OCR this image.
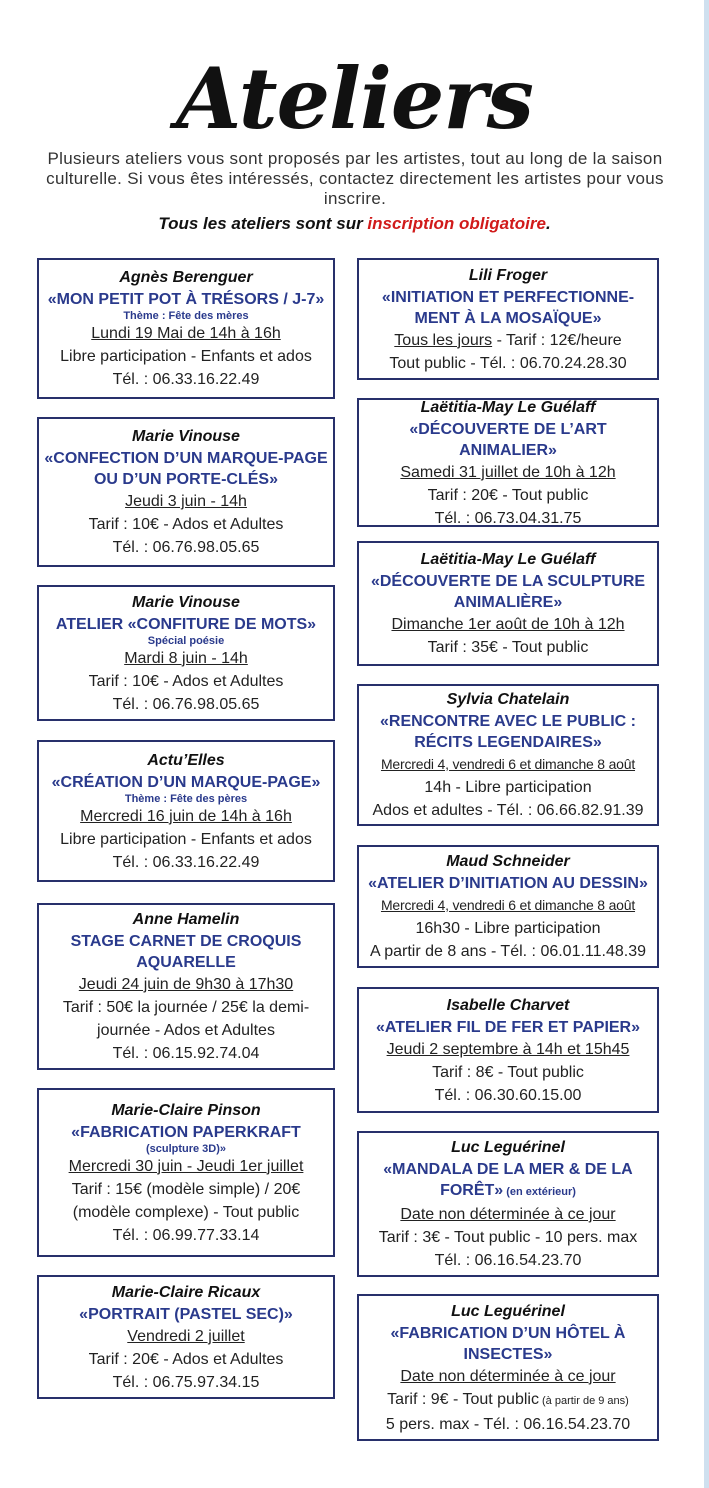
Ateliers
Plusieurs ateliers vous sont proposés par les artistes, tout au long de la saison culturelle. Si vous êtes intéressés, contactez directement les artistes pour vous inscrire.
Tous les ateliers sont sur inscription obligatoire.
Agnès Berenguer
«MON PETIT POT À TRÉSORS / J-7»
Thème : Fête des mères
Lundi 19 Mai de 14h à 16h
Libre participation - Enfants et ados
Tél. : 06.33.16.22.49
Marie Vinouse
«CONFECTION D’UN MARQUE-PAGE OU D’UN PORTE-CLÉS»
Jeudi 3 juin - 14h
Tarif : 10€ - Ados et Adultes
Tél. : 06.76.98.05.65
Marie Vinouse
ATELIER «CONFITURE DE MOTS»
Spécial poésie
Mardi 8 juin - 14h
Tarif : 10€ - Ados et Adultes
Tél. : 06.76.98.05.65
Actu’Elles
«CRÉATION D’UN MARQUE-PAGE»
Thème : Fête des pères
Mercredi 16 juin de 14h à 16h
Libre participation - Enfants et ados
Tél. : 06.33.16.22.49
Anne Hamelin
STAGE CARNET DE CROQUIS AQUARELLE
Jeudi 24 juin de 9h30 à 17h30
Tarif : 50€ la journée / 25€ la demi-journée - Ados et Adultes
Tél. : 06.15.92.74.04
Marie-Claire Pinson
«FABRICATION PAPERKRAFT
(sculpture 3D)»
Mercredi 30 juin - Jeudi 1er juillet
Tarif : 15€ (modèle simple) / 20€ (modèle complexe) - Tout public
Tél. : 06.99.77.33.14
Marie-Claire Ricaux
«PORTRAIT (PASTEL SEC)»
Vendredi 2 juillet
Tarif : 20€ - Ados et Adultes
Tél. : 06.75.97.34.15
Lili Froger
«INITIATION ET PERFECTIONNE-MENT À LA MOSAÏQUE»
Tous les jours - Tarif : 12€/heure
Tout public - Tél. : 06.70.24.28.30
Laëtitia-May Le Guélaff
«DÉCOUVERTE DE L’ART ANIMALIER»
Samedi 31 juillet de 10h à 12h
Tarif : 20€ - Tout public
Tél. : 06.73.04.31.75
Laëtitia-May Le Guélaff
«DÉCOUVERTE DE LA SCULPTURE ANIMALIÈRE»
Dimanche 1er août de 10h à 12h
Tarif : 35€ - Tout public
Sylvia Chatelain
«RENCONTRE AVEC LE PUBLIC : RÉCITS LEGENDAIRES»
Mercredi 4, vendredi 6 et dimanche 8 août
14h - Libre participation
Ados et adultes - Tél. : 06.66.82.91.39
Maud Schneider
«ATELIER D’INITIATION AU DESSIN»
Mercredi 4, vendredi 6 et dimanche 8 août
16h30 - Libre participation
A partir de 8 ans - Tél. : 06.01.11.48.39
Isabelle Charvet
«ATELIER FIL DE FER ET PAPIER»
Jeudi 2 septembre à 14h et 15h45
Tarif : 8€ - Tout public
Tél. : 06.30.60.15.00
Luc Leguérinel
«MANDALA DE LA MER & DE LA FORÊT» (en extérieur)
Date non déterminée à ce jour
Tarif : 3€ - Tout public - 10 pers. max
Tél. : 06.16.54.23.70
Luc Leguérinel
«FABRICATION D’UN HÔTEL À INSECTES»
Date non déterminée à ce jour
Tarif : 9€ - Tout public (à partir de 9 ans)
5 pers. max - Tél. : 06.16.54.23.70
